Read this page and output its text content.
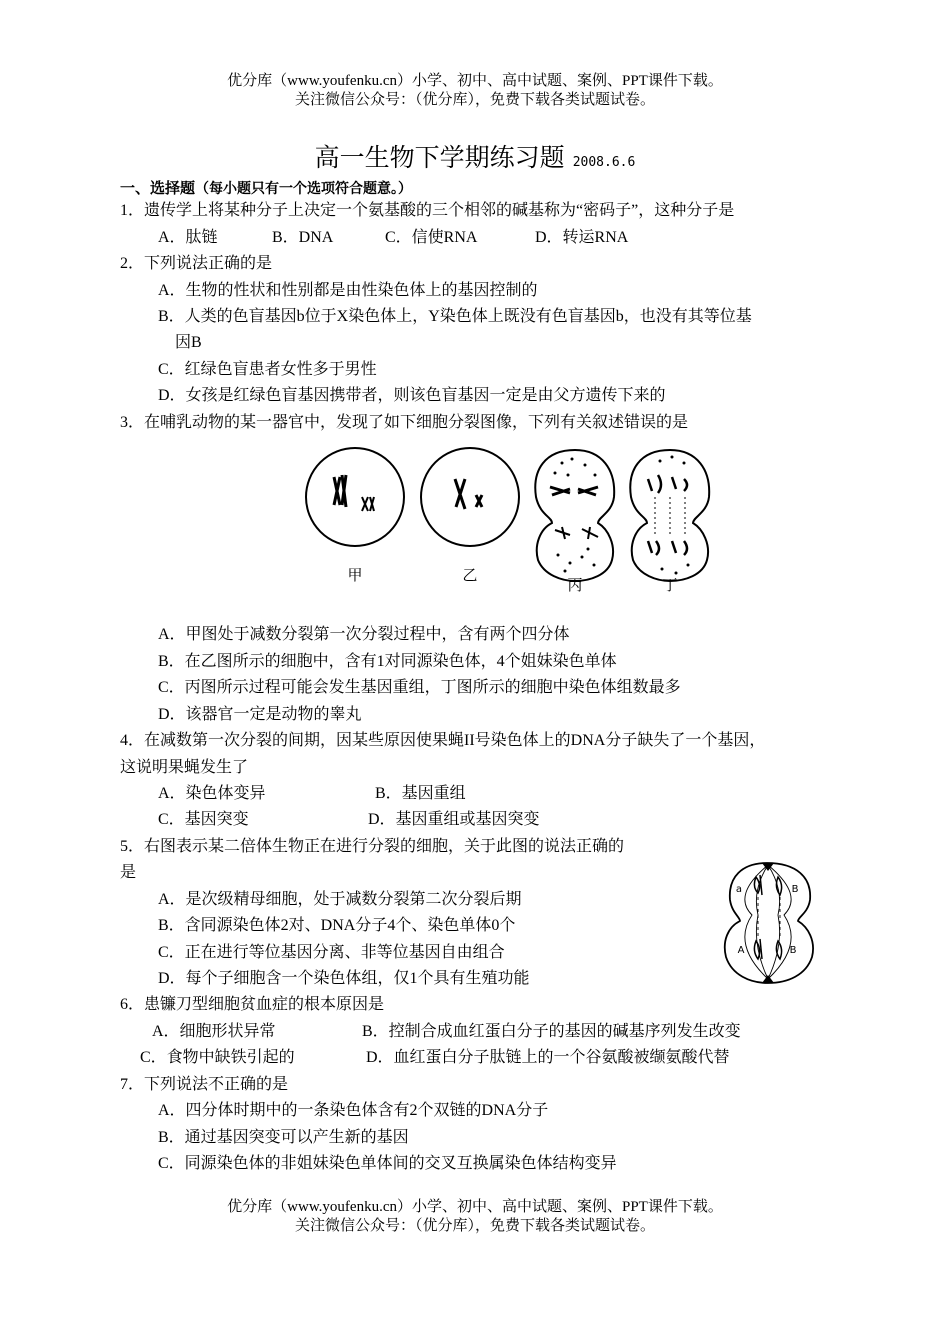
优分库（www.youfenku.cn）小学、初中、高中试题、案例、PPT课件下载。
关注微信公众号：（优分库），免费下载各类试题试卷。
高一生物下学期练习题 2008.6.6
一、选择题（每小题只有一个选项符合题意。）
1．遗传学上将某种分子上决定一个氨基酸的三个相邻的碱基称为“密码子”，这种分子是
A．肽链	B．DNA	C．信使RNA	D．转运RNA
2．下列说法正确的是
A．生物的性状和性别都是由性染色体上的基因控制的
B．人类的色盲基因b位于X染色体上，Y染色体上既没有色盲基因b，也没有其等位基
因B
C．红绿色盲患者女性多于男性
D．女孩是红绿色盲基因携带者，则该色盲基因一定是由父方遗传下来的
3．在哺乳动物的某一器官中，发现了如下细胞分裂图像，下列有关叙述错误的是
甲	乙
丙	丁
A．甲图处于减数分裂第一次分裂过程中，含有两个四分体
B．在乙图所示的细胞中，含有1对同源染色体，4个姐妹染色单体
C．丙图所示过程可能会发生基因重组，丁图所示的细胞中染色体组数最多
D．该器官一定是动物的睾丸
4．在减数第一次分裂的间期，因某些原因使果蝇II号染色体上的DNA分子缺失了一个基因，
这说明果蝇发生了
A．染色体变异	B．基因重组
C．基因突变	D．基因重组或基因突变
5．右图表示某二倍体生物正在进行分裂的细胞，关于此图的说法正确的
是
A．是次级精母细胞，处于减数分裂第二次分裂后期
B．含同源染色体2对、DNA分子4个、染色单体0个
C．正在进行等位基因分离、非等位基因自由组合
D．每个子细胞含一个染色体组，仅1个具有生殖功能
a	B
A	B
6．患镰刀型细胞贫血症的根本原因是
A．细胞形状异常	B．控制合成血红蛋白分子的基因的碱基序列发生改变
C．食物中缺铁引起的	D．血红蛋白分子肽链上的一个谷氨酸被缬氨酸代替
7．下列说法不正确的是
A．四分体时期中的一条染色体含有2个双链的DNA分子
B．通过基因突变可以产生新的基因
C．同源染色体的非姐妹染色单体间的交叉互换属染色体结构变异
优分库（www.youfenku.cn）小学、初中、高中试题、案例、PPT课件下载。
关注微信公众号：（优分库），免费下载各类试题试卷。
